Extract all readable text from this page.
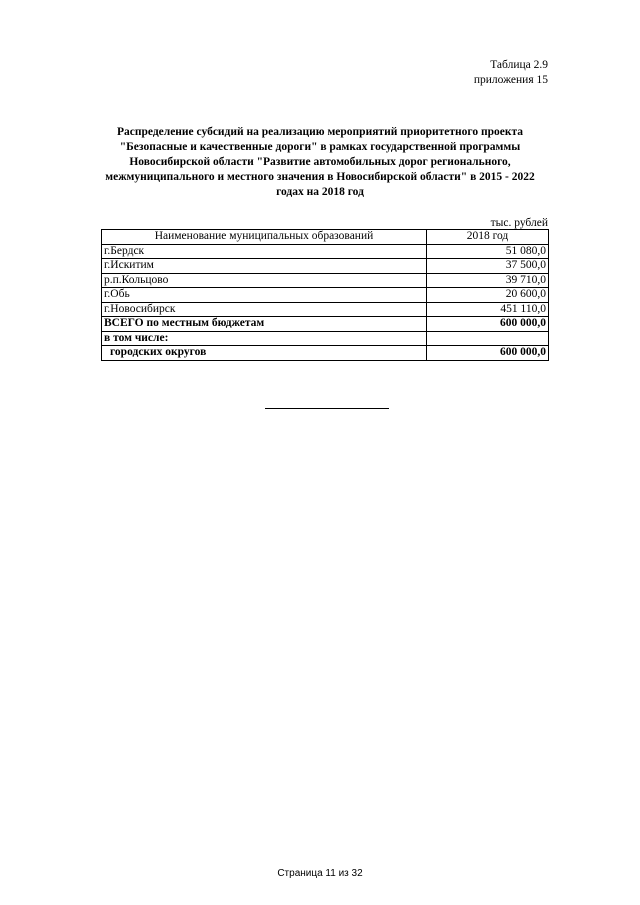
Таблица 2.9
приложения 15
Распределение субсидий на реализацию мероприятий приоритетного проекта
"Безопасные и качественные дороги" в рамках государственной программы
Новосибирской области "Развитие автомобильных дорог регионального,
межмуниципального и местного значения в Новосибирской области" в 2015 - 2022
годах на 2018 год
тыс. рублей
Наименование муниципальных образований	2018 год
г.Бердск	51 080,0
г.Искитим	37 500,0
р.п.Кольцово	39 710,0
г.Обь	20 600,0
г.Новосибирск	451 110,0
ВСЕГО по местным бюджетам	600 000,0
в том числе:	
городских округов	600 000,0
Страница 11 из 32
